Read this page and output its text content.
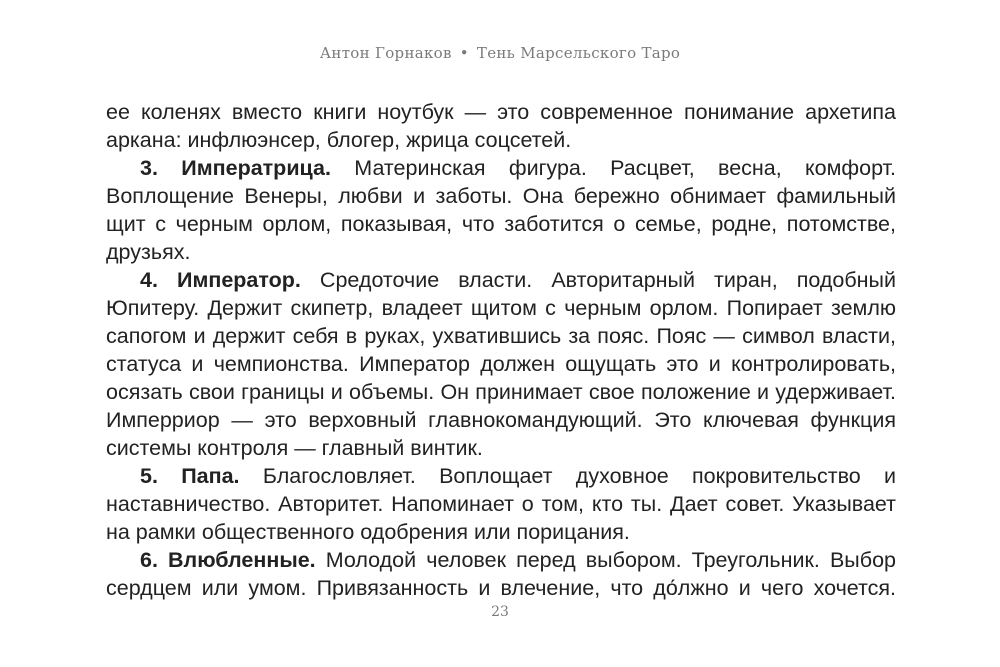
Антон Горнаков • Тень Марсельского Таро

ее коленях вместо книги ноутбук — это современное понимание архетипа аркана: инфлюэнсер, блогер, жрица соцсетей.

3. Императрица. Материнская фигура. Расцвет, весна, комфорт. Воплощение Венеры, любви и заботы. Она бережно обнимает фамильный щит с черным орлом, показывая, что заботится о семье, родне, потомстве, друзьях.

4. Император. Средоточие власти. Авторитарный тиран, подобный Юпитеру. Держит скипетр, владеет щитом с черным орлом. Попирает землю сапогом и держит себя в руках, ухватившись за пояс. Пояс — символ власти, статуса и чемпионства. Император должен ощущать это и контролировать, осязать свои границы и объемы. Он принимает свое положение и удерживает. Имперриор — это верховный главнокомандующий. Это ключевая функция системы контроля — главный винтик.

5. Папа. Благословляет. Воплощает духовное покровительство и наставничество. Авторитет. Напоминает о том, кто ты. Дает совет. Указывает на рамки общественного одобрения или порицания.

6. Влюбленные. Молодой человек перед выбором. Треугольник. Выбор сердцем или умом. Привязанность и влечение, что до́лжно и чего хочется.

23
